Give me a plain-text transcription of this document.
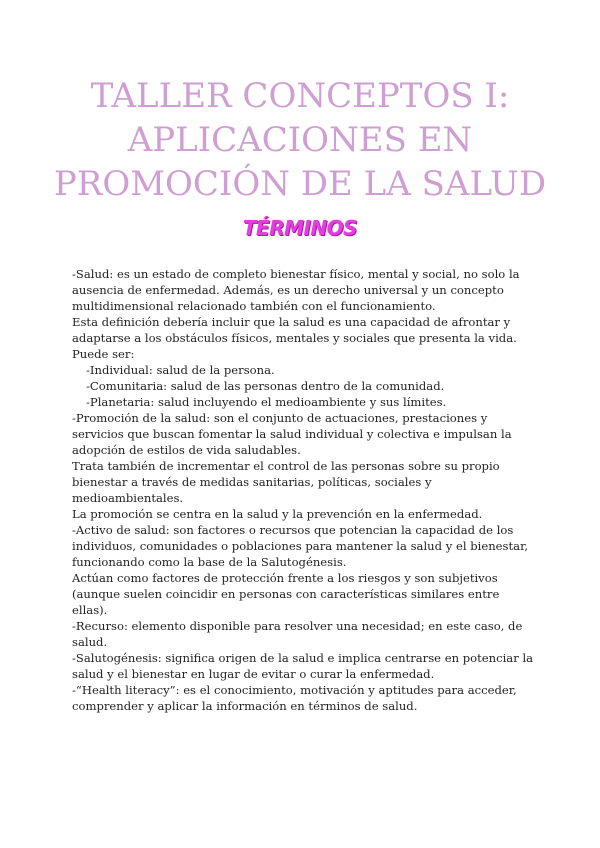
TALLER CONCEPTOS I:
APLICACIONES EN
PROMOCIÓN DE LA SALUD
TÉRMINOS

-Salud: es un estado de completo bienestar físico, mental y social, no solo la ausencia de enfermedad. Además, es un derecho universal y un concepto multidimensional relacionado también con el funcionamiento.

Esta definición debería incluir que la salud es una capacidad de afrontar y adaptarse a los obstáculos físicos, mentales y sociales que presenta la vida.

Puede ser:

-Individual: salud de la persona.

-Comunitaria: salud de las personas dentro de la comunidad.

-Planetaria: salud incluyendo el medioambiente y sus límites.

-Promoción de la salud: son el conjunto de actuaciones, prestaciones y servicios que buscan fomentar la salud individual y colectiva e impulsan la adopción de estilos de vida saludables.

Trata también de incrementar el control de las personas sobre su propio bienestar a través de medidas sanitarias, políticas, sociales y medioambientales.

La promoción se centra en la salud y la prevención en la enfermedad.

-Activo de salud: son factores o recursos que potencian la capacidad de los individuos, comunidades o poblaciones para mantener la salud y el bienestar, funcionando como la base de la Salutogénesis.

Actúan como factores de protección frente a los riesgos y son subjetivos (aunque suelen coincidir en personas con características similares entre ellas).

-Recurso: elemento disponible para resolver una necesidad; en este caso, de salud.

-Salutogénesis: significa origen de la salud e implica centrarse en potenciar la salud y el bienestar en lugar de evitar o curar la enfermedad.

-“Health literacy”: es el conocimiento, motivación y aptitudes para acceder, comprender y aplicar la información en términos de salud.
